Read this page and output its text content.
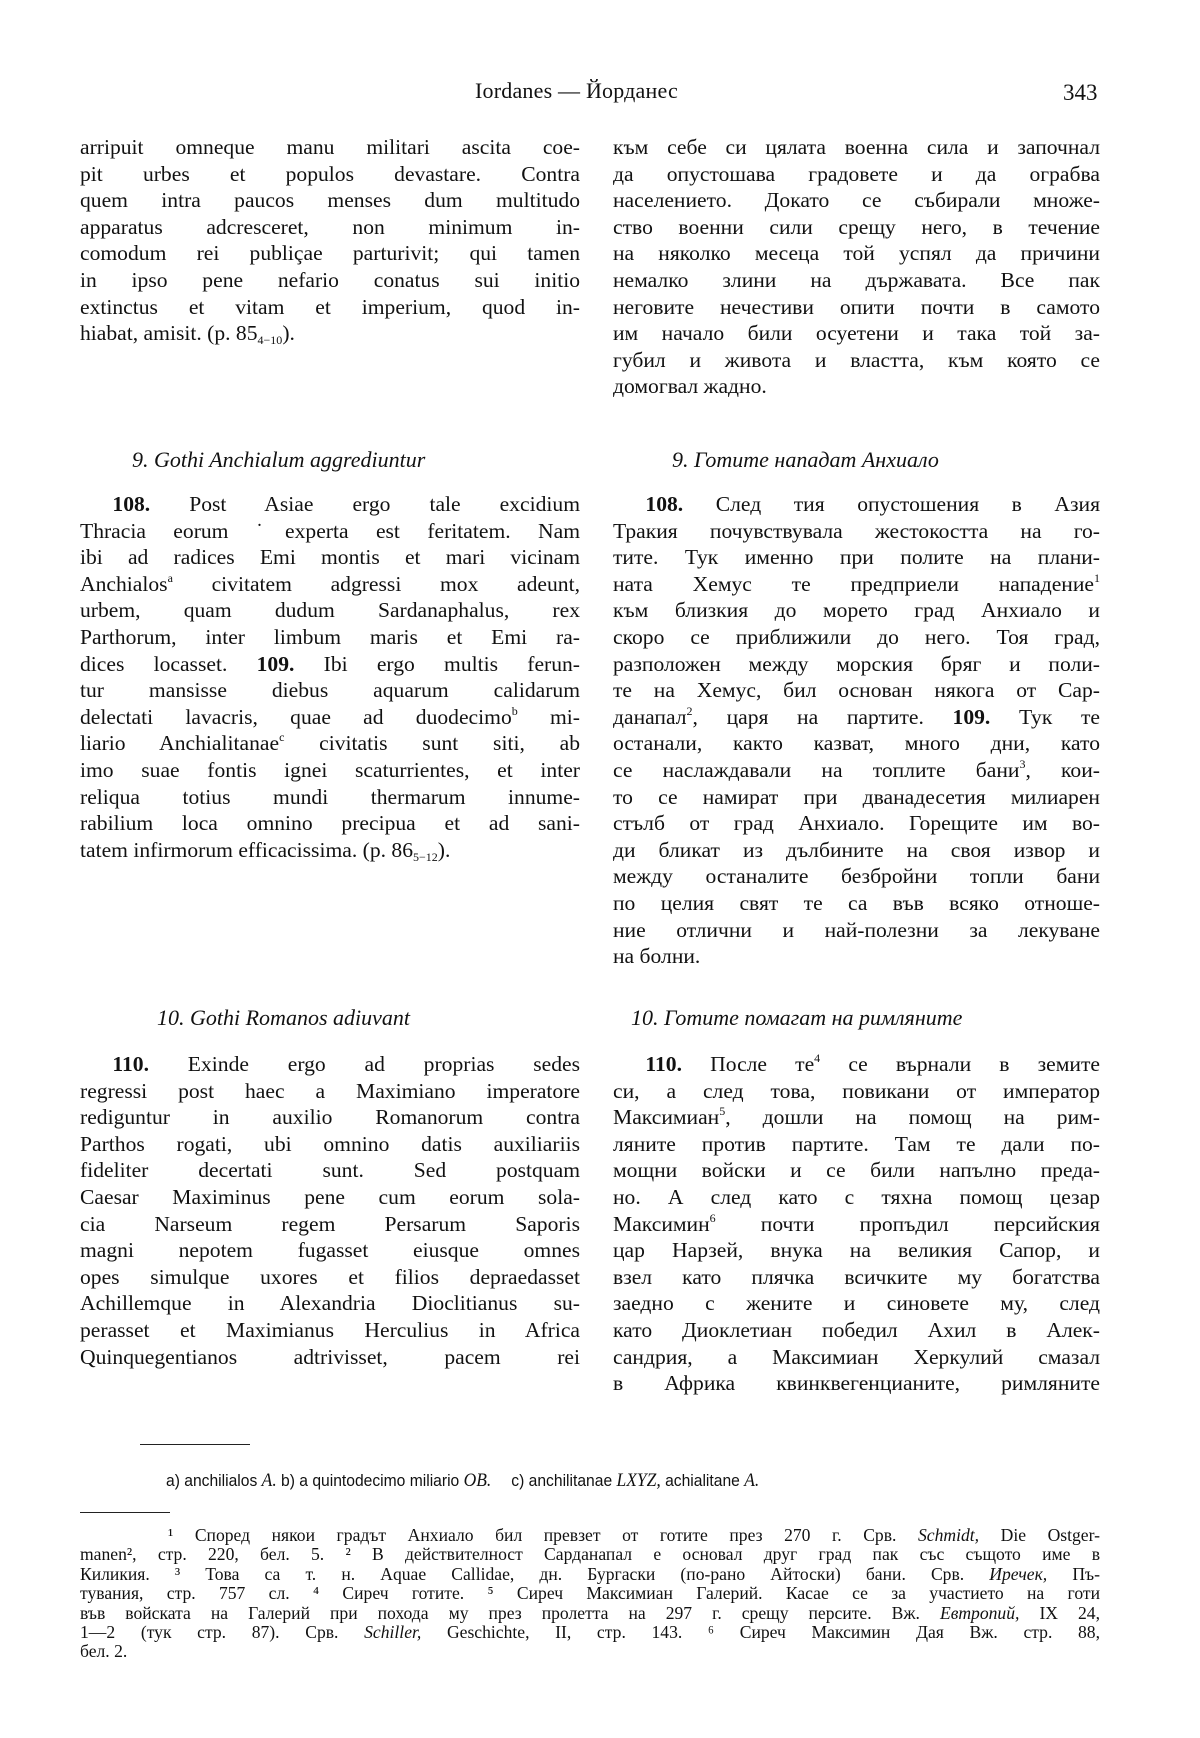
Iordanes — Йорданес	343
arripuit omneque manu militari ascita coe-
pit urbes et populos devastare. Contra
quem intra paucos menses dum multitudo
apparatus adcresceret, non minimum in-
comodum rei publiçae parturivit; qui tamen
in ipso pene nefario conatus sui initio
extinctus et vitam et imperium, quod in-
hiabat, amisit. (p. $85_{4-10}$).
към себе си цялата военна сила и започнал
да опустошава градовете и да ограбва
населението. Докато се събирали множе-
ство военни сили срещу него, в течение
на няколко месеца той успял да причини
немалко злини на държавата. Все пак
неговите нечестиви опити почти в самото
им начало били осуетени и така той за-
губил и живота и властта, към която се
домогвал жадно.
9. Gothi Anchialum aggrediuntur	9. Готите нападат Анхиало
  108. Post Asiae ergo tale excidium
Thracia eorum ˙experta est feritatem. Nam
ibi ad radices Emi montis et mari vicinam
Anchialos$^a$ civitatem adgressi mox adeunt,
urbem, quam dudum Sardanaphalus, rex
Parthorum, inter limbum maris et Emi ra-
dices locasset. 109. Ibi ergo multis ferun-
tur mansisse diebus aquarum calidarum
delectati lavacris, quae ad duodecimo$^b$ mi-
liario Anchialitanae$^c$ civitatis sunt siti, ab
imo suae fontis ignei scaturrientes, et inter
reliqua totius mundi thermarum innume-
rabilium loca omnino precipua et ad sani-
tatem infirmorum efficacissima. (p. $86_{5-12}$).
  108. След тия опустошения в Азия
Тракия почувствувала жестокостта на го-
тите. Тук именно при полите на плани-
ната Хемус те предприели нападение$^1$
към близкия до морето град Анхиало и
скоро се приближили до него. Тоя град,
разположен между морския бряг и поли-
те на Хемус, бил основан някога от Сар-
данапал$^2$, царя на партите. 109. Тук те
останали, както казват, много дни, като
се наслаждавали на топлите бани$^3$, кои-
то се намират при дванадесетия милиарен
стълб от град Анхиало. Горещите им во-
ди бликат из дълбините на своя извор и
между останалите безбройни топли бани
по целия свят те са във всяко отноше-
ние отлични и най-полезни за лекуване
на болни.
10. Gothi Romanos adiuvant	10. Готите помагат на римляните
  110. Exinde ergo ad proprias sedes
regressi post haec a Maximiano imperatore
rediguntur in auxilio Romanorum contra
Parthos rogati, ubi omnino datis auxiliariis
fideliter decertati sunt. Sed postquam
Caesar Maximinus pene cum eorum sola-
cia Narseum regem Persarum Saporis
magni nepotem fugasset eiusque omnes
opes simulque uxores et filios depraedasset
Achillemque in Alexandria Dioclitianus su-
perasset et Maximianus Herculius in Africa
Quinquegentianos adtrivisset, pacem rei
  110. После $те^4$ се върнали в земите
си, а след това, повикани от император
Максимиан$^5$, дошли на помощ на рим-
ляните против партите. Там те дали по-
мощни войски и се били напълно преда-
но. А след като с тяхна помощ цезар
Максимин$^6$ почти пропъдил персийския
цар Нарзей, внука на великия Сапор, и
взел като плячка всичките му богатства
заедно с жените и синовете му, след
като Диоклетиан победил Ахил в Алек-
сандрия, а Максимиан Херкулий смазал
в Африка квинквегенцианите, римляните
a) anchilialos A. b) a quintodecimo miliario OB.  c) anchilitanae LXYZ, achialitane A.
¹ Според някои градът Анхиало бил превзет от готите през 270 г. Срв. Schmidt, Die Ostger-
manen², стр. 220, бел. 5. ² В действителност Сарданапал е основал друг град пак със същото име в
Киликия. ³ Това са т. н. Aquae Callidae, дн. Бургаски (по-рано Айтоски) бани. Срв. Иречек, Пъ-
тувания, стр. 757 сл. ⁴ Сиреч готите. ⁵ Сиреч Максимиан Галерий. Касае се за участието на готи
във войската на Галерий при похода му през пролетта на 297 г. срещу персите. Вж. Евтропий, IX 24,
1—2 (тук стр. 87). Срв. Schiller, Geschichte, II, стр. 143. ⁶ Сиреч Максимин Дая Вж. стр. 88,
бел. 2.
